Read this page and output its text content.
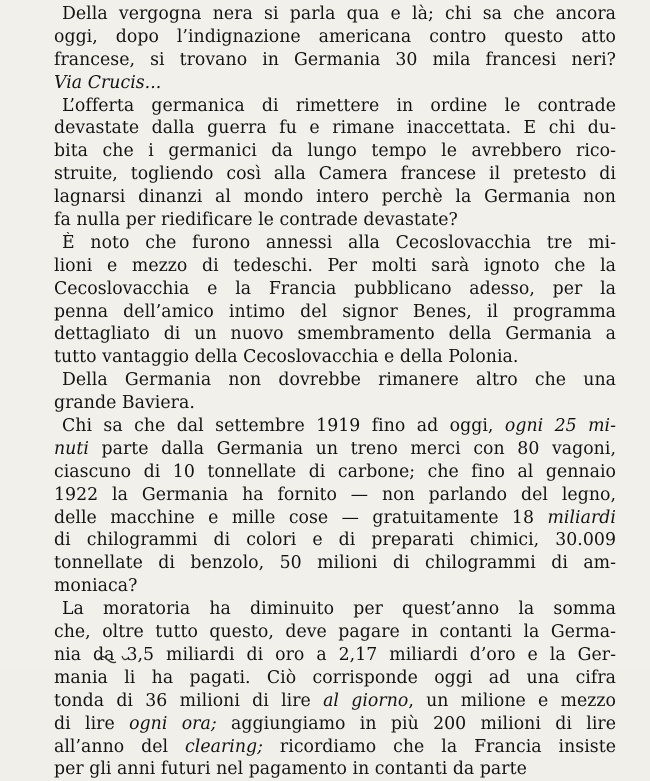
Della vergogna nera si parla qua e là; chi sa che ancora
oggi, dopo l’indignazione americana contro questo atto
francese, si trovano in Germania 30 mila francesi neri?
Via Crucis...
L’offerta germanica di rimettere in ordine le contrade
devastate dalla guerra fu e rimane inaccettata. E chi du-
bita che i germanici da lungo tempo le avrebbero rico-
struite, togliendo così alla Camera francese il pretesto di
lagnarsi dinanzi al mondo intero perchè la Germania non
fa nulla per riedificare le contrade devastate?
È noto che furono annessi alla Cecoslovacchia tre mi-
lioni e mezzo di tedeschi. Per molti sarà ignoto che la
Cecoslovacchia e la Francia pubblicano adesso, per la
penna dell’amico intimo del signor Benes, il programma
dettagliato di un nuovo smembramento della Germania a
tutto vantaggio della Cecoslovacchia e della Polonia.
Della Germania non dovrebbe rimanere altro che una
grande Baviera.
Chi sa che dal settembre 1919 fino ad oggi, ogni 25 mi-
nuti parte dalla Germania un treno merci con 80 vagoni,
ciascuno di 10 tonnellate di carbone; che fino al gennaio
1922 la Germania ha fornito — non parlando del legno,
delle macchine e mille cose — gratuitamente 18 miliardi
di chilogrammi di colori e di preparati chimici, 30.009
tonnellate di benzolo, 50 milioni di chilogrammi di am-
moniaca?
La moratoria ha diminuito per quest’anno la somma
che, oltre tutto questo, deve pagare in contanti la Germa-
nia da 3,5 miliardi di oro a 2,17 miliardi d’oro e la Ger-
mania li ha pagati. Ciò corrisponde oggi ad una cifra
tonda di 36 milioni di lire al giorno, un milione e mezzo
di lire ogni ora; aggiungiamo in più 200 milioni di lire
all’anno del clearing; ricordiamo che la Francia insiste
per gli anni futuri nel pagamento in contanti da parte
